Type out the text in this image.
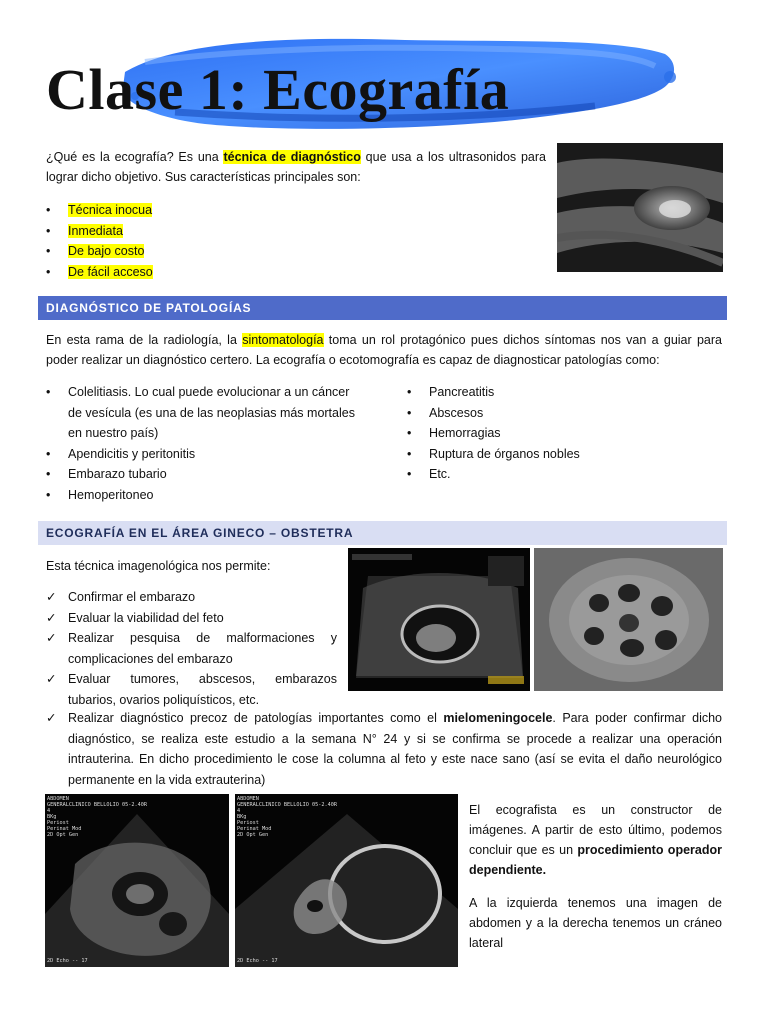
Clase 1: Ecografía
¿Qué es la ecografía? Es una técnica de diagnóstico que usa a los ultrasonidos para lograr dicho objetivo. Sus características principales son:
•	Técnica inocua
•	Inmediata
•	De bajo costo
•	De fácil acceso
DIAGNÓSTICO DE PATOLOGÍAS
En esta rama de la radiología, la sintomatología toma un rol protagónico pues dichos síntomas nos van a guiar para poder realizar un diagnóstico certero. La ecografía o ecotomografía es capaz de diagnosticar patologías como:
•	Colelitiasis. Lo cual puede evolucionar a un cáncer de vesícula (es una de las neoplasias más mortales en nuestro país)
•	Apendicitis y peritonitis
•	Embarazo tubario
•	Hemoperitoneo
•	Pancreatitis
•	Abscesos
•	Hemorragias
•	Ruptura de órganos nobles
•	Etc.
ECOGRAFÍA EN EL ÁREA GINECO – OBSTETRA
Esta técnica imagenológica nos permite:
✓ Confirmar el embarazo
✓ Evaluar la viabilidad del feto
✓ Realizar pesquisa de malformaciones y complicaciones del embarazo
✓ Evaluar tumores, abscesos, embarazos tubarios, ovarios poliquísticos, etc.
✓ Realizar diagnóstico precoz de patologías importantes como el mielomeningocele. Para poder confirmar dicho diagnóstico, se realiza este estudio a la semana N° 24 y si se confirma se procede a realizar una operación intrauterina. En dicho procedimiento le cose la columna al feto y este nace sano (así se evita el daño neurológico permanente en la vida extrauterina)
ABDOMEN
GENERALCLINICO BELLOLIO 05-2.40R
4
BKg
Periost
Perinat Mod
2D Opt Gen
2D Echo -- 17
ABDOMEN
GENERALCLINICO BELLOLIO 05-2.40R
4
BKg
Periost
Perinat Mod
2D Opt Gen
2D Echo -- 17
El ecografista es un constructor de imágenes. A partir de esto último, podemos concluir que es un procedimiento operador dependiente.
A la izquierda tenemos una imagen de abdomen y a la derecha tenemos un cráneo lateral
